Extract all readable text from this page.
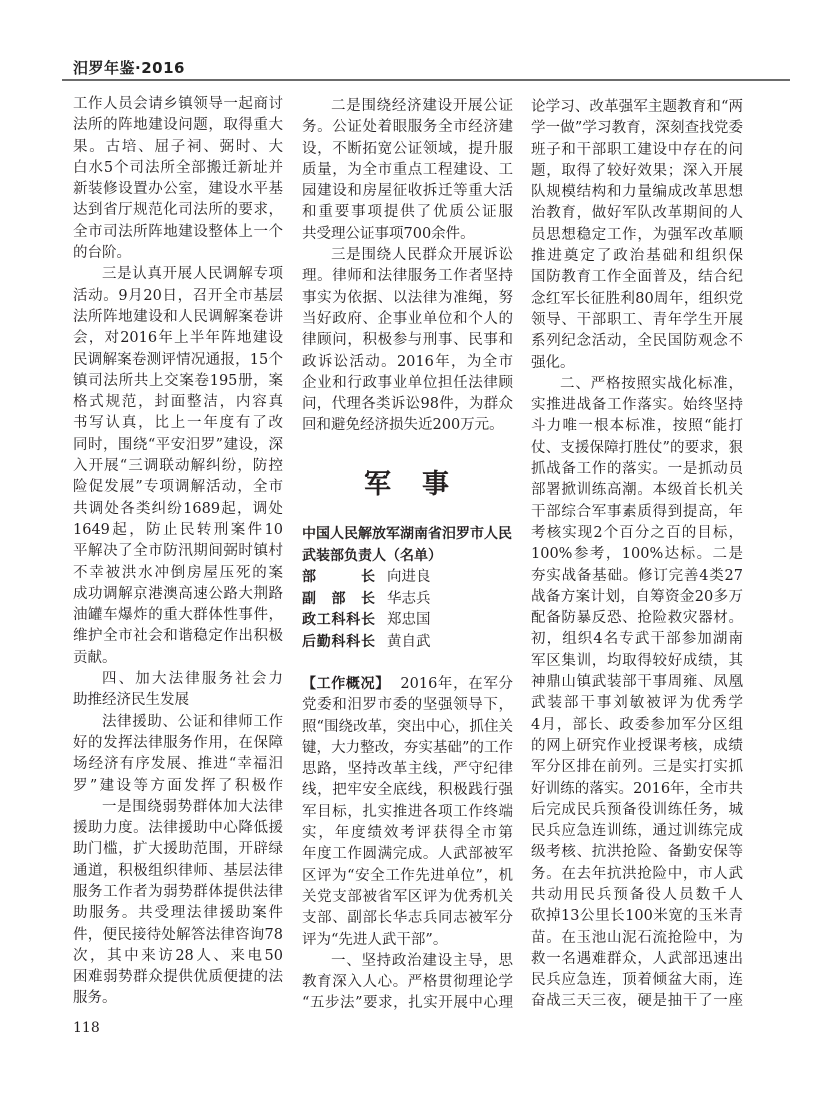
汨罗年鉴·2016
工作人员会请乡镇领导一起商讨
法所的阵地建设问题，取得重大
果。古培、屈子祠、弼时、大
白水5个司法所全部搬迁新址并
新装修设置办公室，建设水平基
达到省厅规范化司法所的要求，
全市司法所阵地建设整体上一个
的台阶。
三是认真开展人民调解专项
活动。9月20日，召开全市基层
法所阵地建设和人民调解案卷讲
会，对2016年上半年阵地建设
民调解案卷测评情况通报，15个
镇司法所共上交案卷195册，案
格式规范，封面整洁，内容真
书写认真，比上一年度有了改
同时，围绕“平安汨罗”建设，深
入开展“三调联动解纠纷，防控
险促发展”专项调解活动，全市
共调处各类纠纷1689起，调处
1649起，防止民转刑案件10
平解决了全市防汛期间弼时镇村
不幸被洪水冲倒房屋压死的案
成功调解京港澳高速公路大荆路
油罐车爆炸的重大群体性事件，
维护全市社会和谐稳定作出积极
贡献。
四、加大法律服务社会力
助推经济民生发展
法律援助、公证和律师工作
好的发挥法律服务作用，在保障
场经济有序发展、推进“幸福汨
罗”建设等方面发挥了积极作
一是围绕弱势群体加大法律
援助力度。法律援助中心降低援
助门槛，扩大援助范围，开辟绿
通道，积极组织律师、基层法律
服务工作者为弱势群体提供法律
助服务。共受理法律援助案件
件，便民接待处解答法律咨询78
次，其中来访28人、来电50
困难弱势群众提供优质便捷的法
服务。
二是围绕经济建设开展公证
务。公证处着眼服务全市经济建
设，不断拓宽公证领域，提升服
质量，为全市重点工程建设、工
园建设和房屋征收拆迁等重大活
和重要事项提供了优质公证服
共受理公证事项700余件。
三是围绕人民群众开展诉讼
理。律师和法律服务工作者坚持
事实为依据、以法律为准绳，努
当好政府、企事业单位和个人的
律顾问，积极参与刑事、民事和
政诉讼活动。2016年，为全市
企业和行政事业单位担任法律顾
问，代理各类诉讼98件，为群众
回和避免经济损失近200万元。
军　事
中国人民解放军湖南省汨罗市人民
武装部负责人（名单）
部长 向进良
副部长 华志兵
政工科科长 郑忠国
后勤科科长 黄自武
【工作概况】 2016年，在军分
党委和汨罗市委的坚强领导下，
照“围绕改革，突出中心，抓住关
键，大力整改，夯实基础”的工作
思路，坚持改革主线，严守纪律
线，把牢安全底线，积极践行强
军目标，扎实推进各项工作终端
实，年度绩效考评获得全市第
年度工作圆满完成。人武部被军
区评为“安全工作先进单位”，机
关党支部被省军区评为优秀机关
支部、副部长华志兵同志被军分
评为“先进人武干部”。
一、坚持政治建设主导，思
教育深入人心。严格贯彻理论学
“五步法”要求，扎实开展中心理
论学习、改革强军主题教育和“两
学一做”学习教育，深刻查找党委
班子和干部职工建设中存在的问
题，取得了较好效果；深入开展
队规模结构和力量编成改革思想
治教育，做好军队改革期间的人
员思想稳定工作，为强军改革顺
推进奠定了政治基础和组织保
国防教育工作全面普及，结合纪
念红军长征胜利80周年，组织党
领导、干部职工、青年学生开展
系列纪念活动，全民国防观念不
强化。
二、严格按照实战化标准，
实推进战备工作落实。始终坚持
斗力唯一根本标准，按照“能打
仗、支援保障打胜仗”的要求，狠
抓战备工作的落实。一是抓动员
部署掀训练高潮。本级首长机关
干部综合军事素质得到提高，年
考核实现2个百分之百的目标，
100%参考，100%达标。二是
夯实战备基础。修订完善4类27
战备方案计划，自筹资金20多万
配备防暴反恐、抢险救灾器材。
初，组织4名专武干部参加湖南
军区集训，均取得较好成绩，其
神鼎山镇武装部干事周雍、凤凰
武装部干事刘敏被评为优秀学
4月，部长、政委参加军分区组
的网上研究作业授课考核，成绩
军分区排在前列。三是实打实抓
好训练的落实。2016年，全市共
后完成民兵预备役训练任务，城
民兵应急连训练，通过训练完成
级考核、抗洪抢险、备勤安保等
务。在去年抗洪抢险中，市人武
共动用民兵预备役人员数千人
砍掉13公里长100米宽的玉米青
苗。在玉池山泥石流抢险中，为
救一名遇难群众，人武部迅速出
民兵应急连，顶着倾盆大雨，连
奋战三天三夜，硬是抽干了一座
118
